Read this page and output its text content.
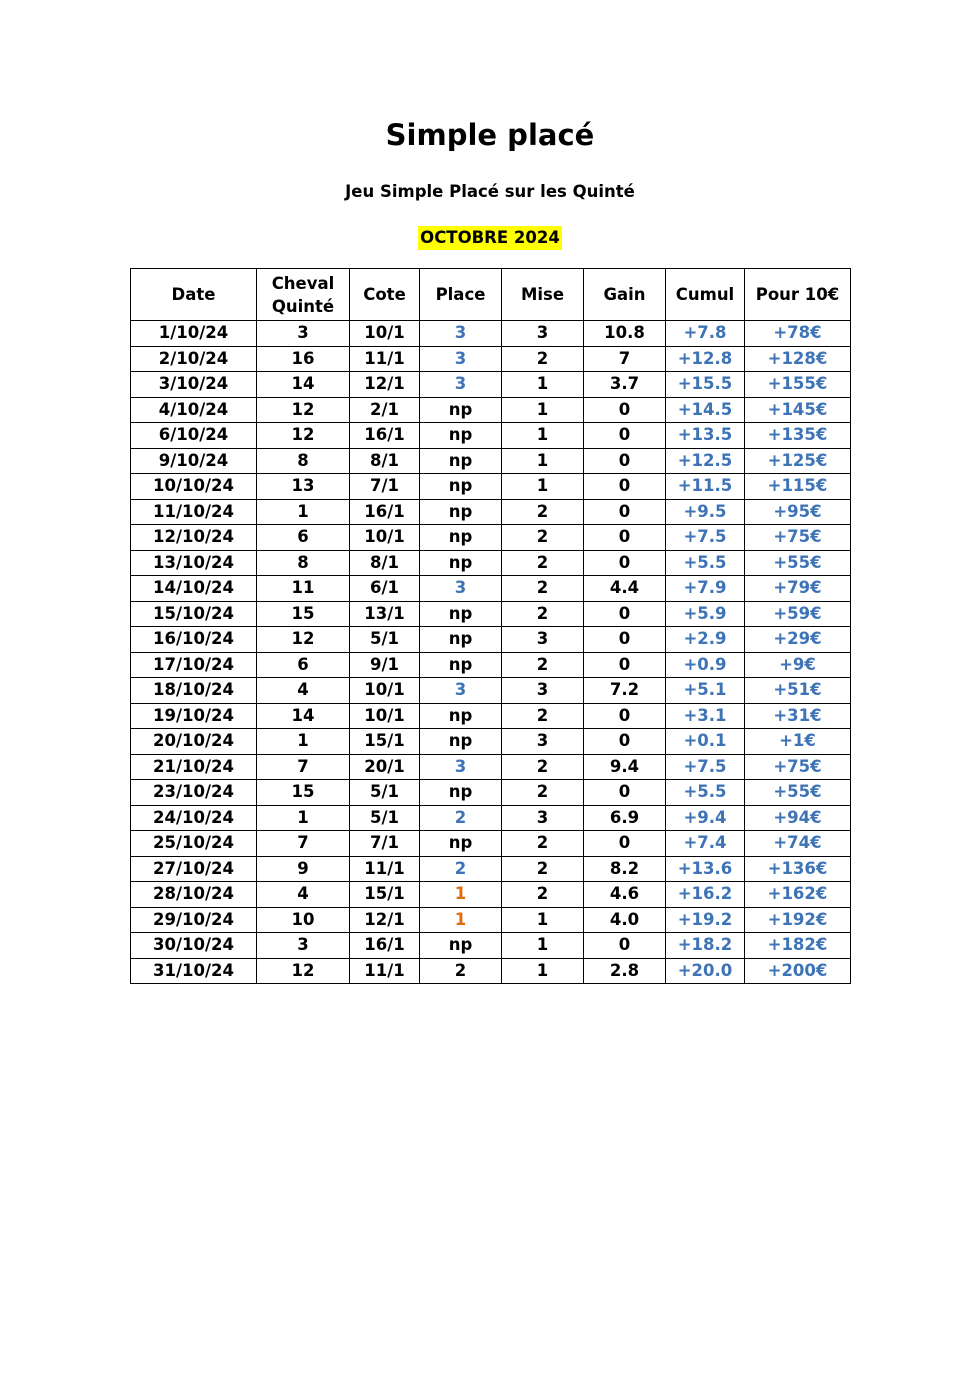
Simple placé
Jeu Simple Placé sur les Quinté
OCTOBRE 2024
Date	Cheval Quinté	Cote	Place	Mise	Gain	Cumul	Pour 10€
1/10/24	3	10/1	3	3	10.8	+7.8	+78€
2/10/24	16	11/1	3	2	7	+12.8	+128€
3/10/24	14	12/1	3	1	3.7	+15.5	+155€
4/10/24	12	2/1	np	1	0	+14.5	+145€
6/10/24	12	16/1	np	1	0	+13.5	+135€
9/10/24	8	8/1	np	1	0	+12.5	+125€
10/10/24	13	7/1	np	1	0	+11.5	+115€
11/10/24	1	16/1	np	2	0	+9.5	+95€
12/10/24	6	10/1	np	2	0	+7.5	+75€
13/10/24	8	8/1	np	2	0	+5.5	+55€
14/10/24	11	6/1	3	2	4.4	+7.9	+79€
15/10/24	15	13/1	np	2	0	+5.9	+59€
16/10/24	12	5/1	np	3	0	+2.9	+29€
17/10/24	6	9/1	np	2	0	+0.9	+9€
18/10/24	4	10/1	3	3	7.2	+5.1	+51€
19/10/24	14	10/1	np	2	0	+3.1	+31€
20/10/24	1	15/1	np	3	0	+0.1	+1€
21/10/24	7	20/1	3	2	9.4	+7.5	+75€
23/10/24	15	5/1	np	2	0	+5.5	+55€
24/10/24	1	5/1	2	3	6.9	+9.4	+94€
25/10/24	7	7/1	np	2	0	+7.4	+74€
27/10/24	9	11/1	2	2	8.2	+13.6	+136€
28/10/24	4	15/1	1	2	4.6	+16.2	+162€
29/10/24	10	12/1	1	1	4.0	+19.2	+192€
30/10/24	3	16/1	np	1	0	+18.2	+182€
31/10/24	12	11/1	2	1	2.8	+20.0	+200€
